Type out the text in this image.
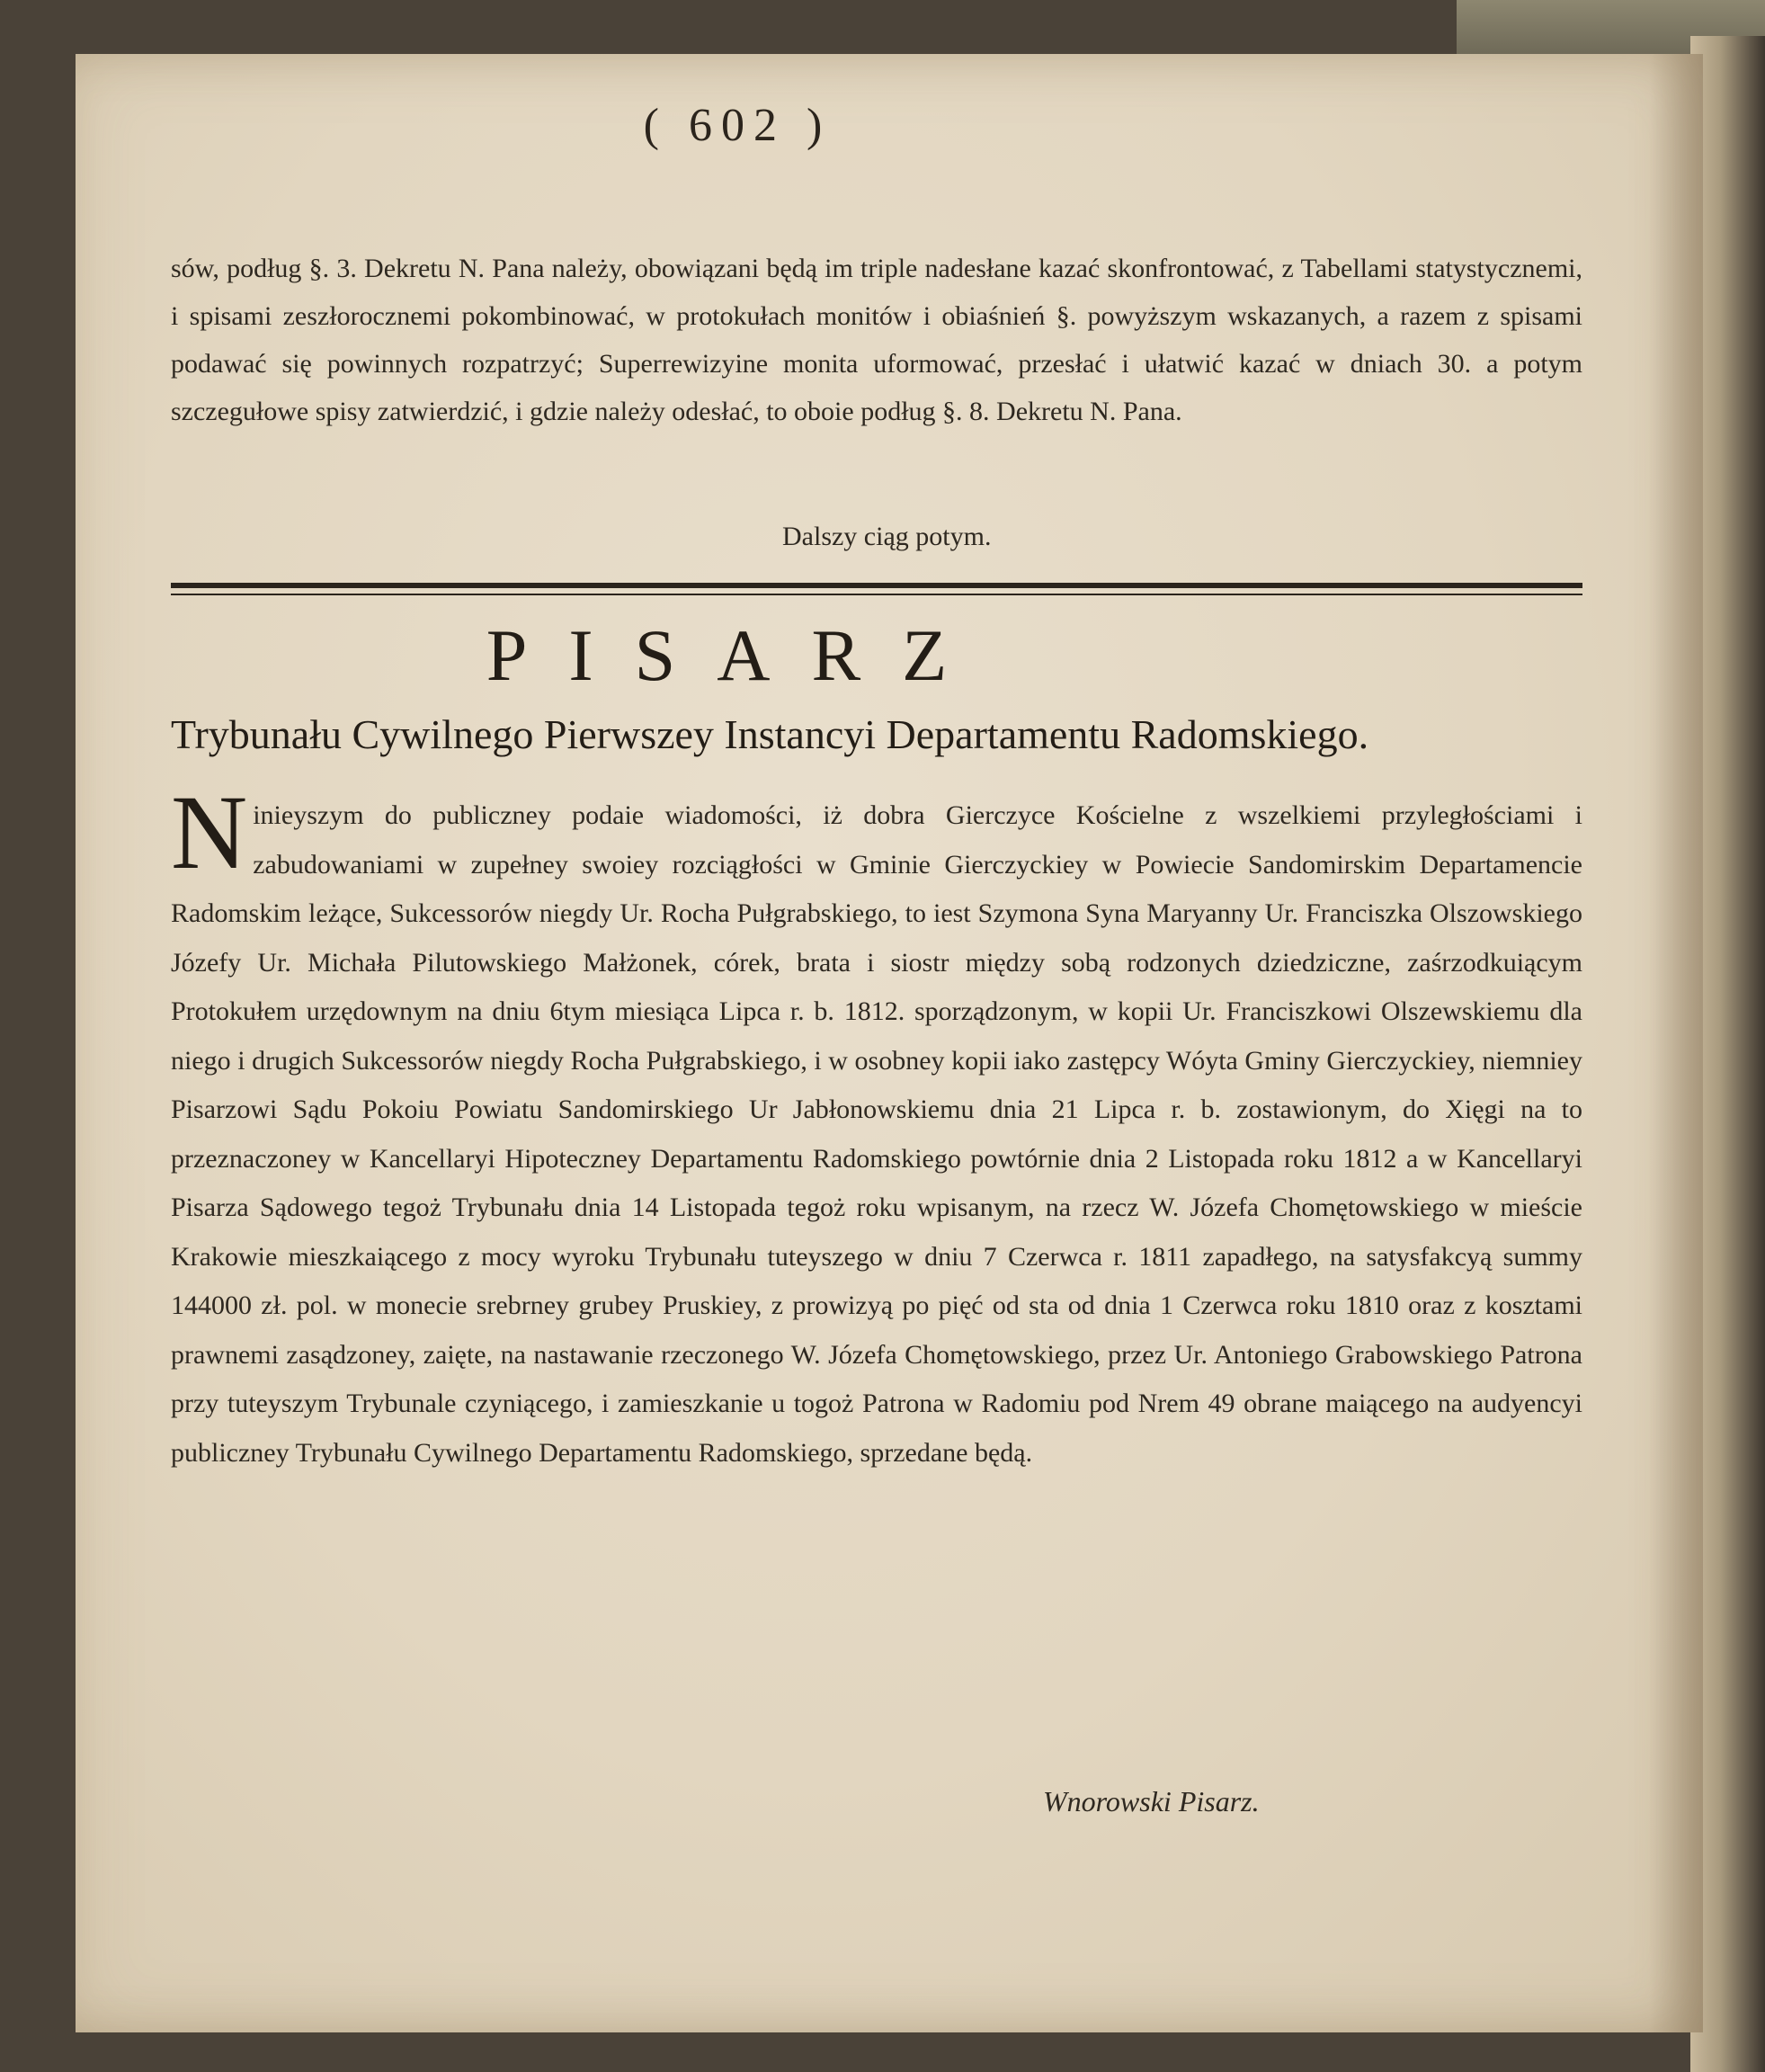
( 602 )
sów, podług §. 3. Dekretu N. Pana należy, obowiązani będą im triple nadesłane kazać skonfrontować, z Tabellami statystycznemi, i spisami zeszłorocznemi pokombinować, w protokułach monitów i obiaśnień §. powyższym wskazanych, a razem z spisami podawać się powinnych rozpatrzyć; Superrewizyine monita uformować, przesłać i ułatwić kazać w dniach 30. a potym szczegułowe spisy zatwierdzić, i gdzie należy odesłać, to oboie podług §. 8. Dekretu N. Pana.
Dalszy ciąg potym.
PISARZ
Trybunału Cywilnego Pierwszey Instancyi Departamentu Radomskiego.
Ninieyszym do publiczney podaie wiadomości, iż dobra Gierczyce Kościelne z wszelkiemi przyległościami i zabudowaniami w zupełney swoiey rozciągłości w Gminie Gierczyckiey w Powiecie Sandomirskim Departamencie Radomskim leżące, Sukcessorów niegdy Ur. Rocha Pułgrabskiego, to iest Szymona Syna Maryanny Ur. Franciszka Olszowskiego Józefy Ur. Michała Pilutowskiego Małżonek, córek, brata i siostr między sobą rodzonych dziedziczne, zaśrzodkuiącym Protokułem urzędownym na dniu 6tym miesiąca Lipca r. b. 1812. sporządzonym, w kopii Ur. Franciszkowi Olszewskiemu dla niego i drugich Sukcessorów niegdy Rocha Pułgrabskiego, i w osobney kopii iako zastępcy Wóyta Gminy Gierczyckiey, niemniey Pisarzowi Sądu Pokoiu Powiatu Sandomirskiego Ur Jabłonowskiemu dnia 21 Lipca r. b. zostawionym, do Xięgi na to przeznaczoney w Kancellaryi Hipoteczney Departamentu Radomskiego powtórnie dnia 2 Listopada roku 1812 a w Kancellaryi Pisarza Sądowego tegoż Trybunału dnia 14 Listopada tegoż roku wpisanym, na rzecz W. Józefa Chomętowskiego w mieście Krakowie mieszkaiącego z mocy wyroku Trybunału tuteyszego w dniu 7 Czerwca r. 1811 zapadłego, na satysfakcyą summy 144000 zł. pol. w monecie srebrney grubey Pruskiey, z prowizyą po pięć od sta od dnia 1 Czerwca roku 1810 oraz z kosztami prawnemi zasądzoney, zaięte, na nastawanie rzeczonego W. Józefa Chomętowskiego, przez Ur. Antoniego Grabowskiego Patrona przy tuteyszym Trybunale czyniącego, i zamieszkanie u togoż Patrona w Radomiu pod Nrem 49 obrane maiącego na audyencyi publiczney Trybunału Cywilnego Departamentu Radomskiego, sprzedane będą.
Wnorowski Pisarz.
